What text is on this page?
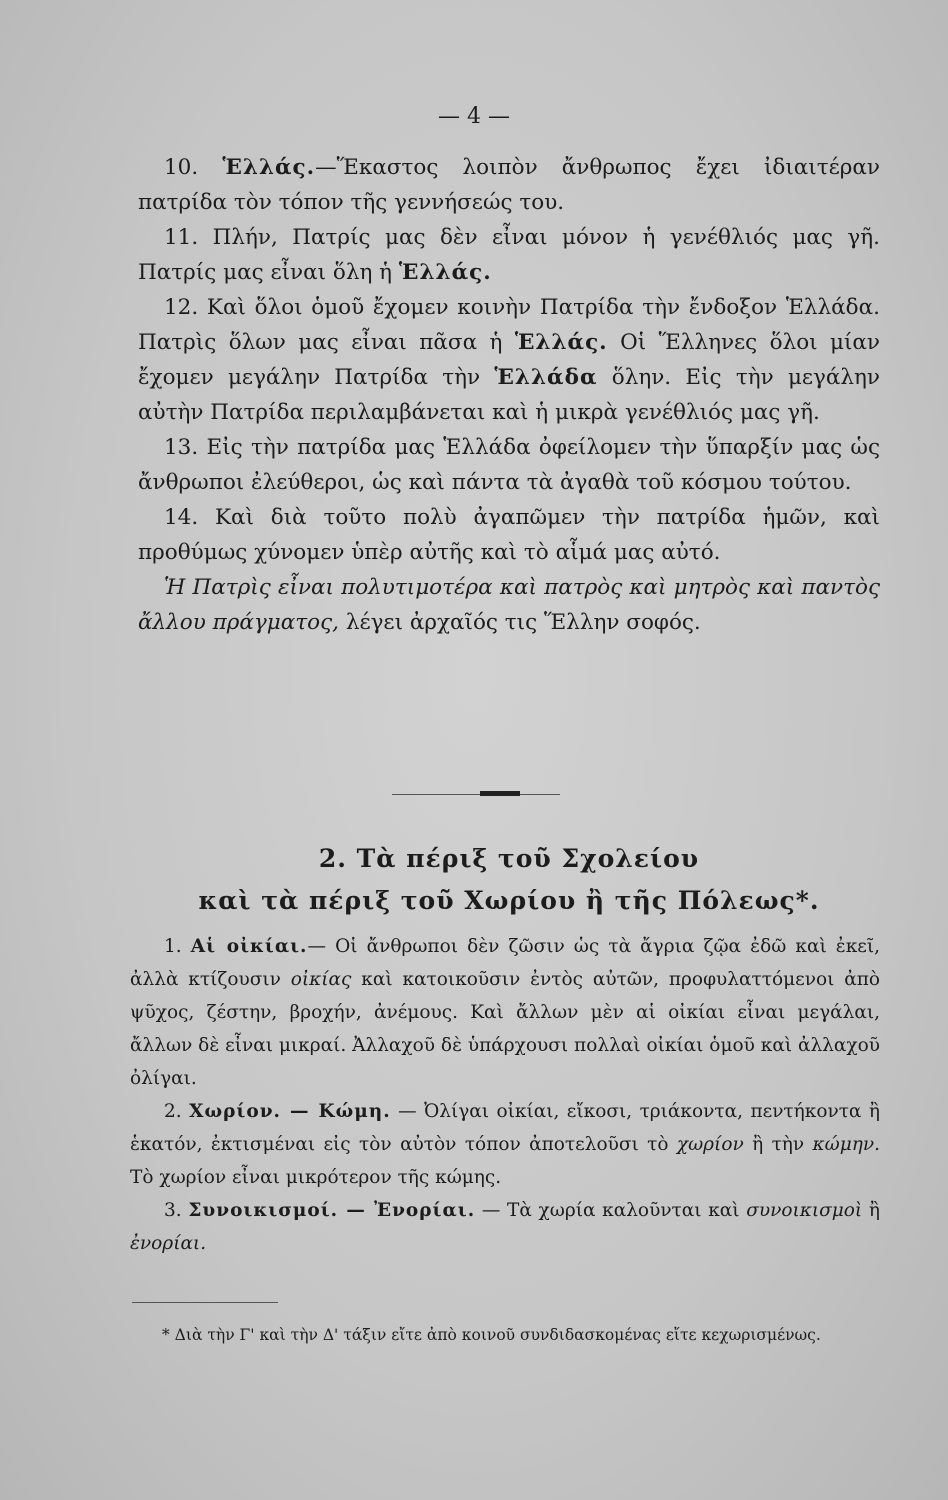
— 4 —

10. Ἑλλάς.—Ἕκαστος λοιπὸν ἄνθρωπος ἔχει ἰδιαιτέραν πατρίδα τὸν τόπον τῆς γεννήσεώς του.

11. Πλήν, Πατρίς μας δὲν εἶναι μόνον ἡ γενέθλιός μας γῆ. Πατρίς μας εἶναι ὅλη ἡ Ἑλλάς.

12. Καὶ ὅλοι ὁμοῦ ἔχομεν κοινὴν Πατρίδα τὴν ἔνδοξον Ἑλλάδα. Πατρὶς ὅλων μας εἶναι πᾶσα ἡ Ἑλλάς. Οἱ Ἕλληνες ὅλοι μίαν ἔχομεν μεγάλην Πατρίδα τὴν Ἑλλάδα ὅλην. Εἰς τὴν μεγάλην αὐτὴν Πατρίδα περιλαμβάνεται καὶ ἡ μικρὰ γενέθλιός μας γῆ.

13. Εἰς τὴν πατρίδα μας Ἑλλάδα ὀφείλομεν τὴν ὕπαρξίν μας ὡς ἄνθρωποι ἐλεύθεροι, ὡς καὶ πάντα τὰ ἀγαθὰ τοῦ κόσμου τούτου.

14. Καὶ διὰ τοῦτο πολὺ ἀγαπῶμεν τὴν πατρίδα ἡμῶν, καὶ προθύμως χύνομεν ὑπὲρ αὐτῆς καὶ τὸ αἷμά μας αὐτό.

Ἡ Πατρὶς εἶναι πολυτιμοτέρα καὶ πατρὸς καὶ μητρὸς καὶ παντὸς ἄλλου πράγματος, λέγει ἀρχαῖός τις Ἕλλην σοφός.

2. Τὰ πέριξ τοῦ Σχολείου
καὶ τὰ πέριξ τοῦ Χωρίου ἢ τῆς Πόλεως*.

1. Αἱ οἰκίαι.— Οἱ ἄνθρωποι δὲν ζῶσιν ὡς τὰ ἄγρια ζῷα ἐδῶ καὶ ἐκεῖ, ἀλλὰ κτίζουσιν οἰκίας καὶ κατοικοῦσιν ἐντὸς αὐτῶν, προφυλαττόμενοι ἀπὸ ψῦχος, ζέστην, βροχήν, ἀνέμους. Καὶ ἄλλων μὲν αἱ οἰκίαι εἶναι μεγάλαι, ἄλλων δὲ εἶναι μικραί. Ἀλλαχοῦ δὲ ὑπάρχουσι πολλαὶ οἰκίαι ὁμοῦ καὶ ἀλλαχοῦ ὀλίγαι.

2. Χωρίον. — Κώμη. — Ὀλίγαι οἰκίαι, εἴκοσι, τριάκοντα, πεντήκοντα ἢ ἑκατόν, ἐκτισμέναι εἰς τὸν αὐτὸν τόπον ἀποτελοῦσι τὸ χωρίον ἢ τὴν κώμην. Τὸ χωρίον εἶναι μικρότερον τῆς κώμης.

3. Συνοικισμοί. — Ἐνορίαι. — Τὰ χωρία καλοῦνται καὶ συνοικισμοὶ ἢ ἐνορίαι.

* Διὰ τὴν Γ' καὶ τὴν Δ' τάξιν εἴτε ἀπὸ κοινοῦ συνδιδασκομένας εἴτε κεχωρισμένως.
